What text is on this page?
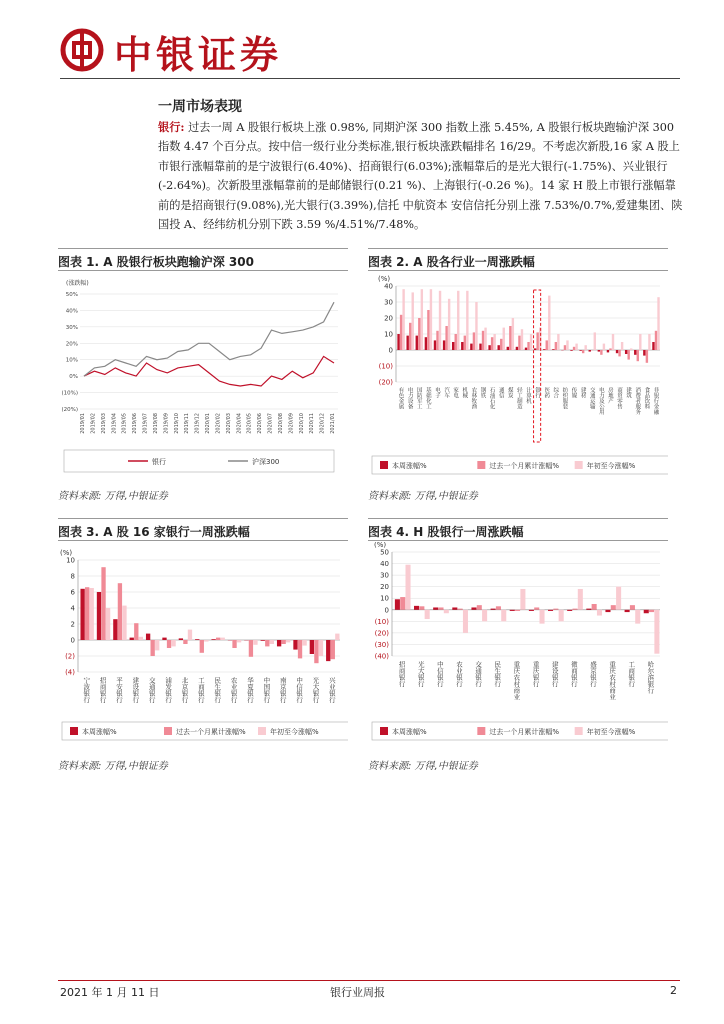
中银证券
一周市场表现
银行: 过去一周 A 股银行板块上涨 0.98%, 同期沪深 300 指数上涨 5.45%, A 股银行板块跑输沪深 300 指数 4.47 个百分点。按中信一级行业分类标准,银行板块涨跌幅排名 16/29。不考虑次新股,16 家 A 股上市银行涨幅靠前的是宁波银行(6.40%)、招商银行(6.03%);涨幅靠后的是光大银行(-1.75%)、兴业银行(-2.64%)。次新股里涨幅靠前的是邮储银行(0.21 %)、上海银行(-0.26 %)。14 家 H 股上市银行涨幅靠前的是招商银行(9.08%),光大银行(3.39%),信托 中航资本 安信信托分别上涨 7.53%/0.7%,爱建集团、陕国投 A、经纬纺机分别下跌 3.59 %/4.51%/7.48%。
图表 1. A 股银行板块跑输沪深 300
(涨跌幅)
50%
40%
30%
20%
10%
0%
(10%)
(20%)
2019/01 2019/02 2019/03 2019/04 2019/05 2019/06 2019/07 2019/08 2019/09 2019/10 2019/11 2019/12 2020/01 2020/02 2020/03 2020/04 2020/05 2020/06 2020/07 2020/08 2020/09 2020/10 2020/11 2020/12 2021/01
银行	沪深300
资料来源: 万得,中银证券
图表 2. A 股各行业一周涨跌幅
(%)
40
30
20
10
0
(10)
(20)
有色金属 电力设备 国防军工 基础化工 电子 汽车 家电 机械 农林牧渔 钢铁 石油石化 通信 煤炭 轻工制造 计算机 银行 医药 综合 纺织服装 传媒 建材 交通运输 电力及公用 房地产 商贸零售 建筑 消费者服务 食品饮料 非银行金融
本周涨幅%	过去一个月累计涨幅%	年初至今涨幅%
资料来源: 万得,中银证券
图表 3. A 股 16 家银行一周涨跌幅
(%)
10
8
6
4
2
0
(2)
(4)
宁波银行 招商银行 平安银行 建设银行 交通银行 浦发银行 北京银行 工商银行 民生银行 农业银行 华夏银行 中国银行 南京银行 中信银行 光大银行 兴业银行
本周涨幅%	过去一个月累计涨幅%	年初至今涨幅%
资料来源: 万得,中银证券
图表 4. H 股银行一周涨跌幅
(%)
50
40
30
20
10
0
(10)
(20)
(30)
(40)
招商银行 光大银行 中信银行 农业银行 交通银行 民生银行 重庆农村商业 重庆银行 建设银行 微商银行 盛京银行 重庆农村商业 工商银行 哈尔滨银行
本周涨幅%	过去一个月累计涨幅%	年初至今涨幅%
资料来源: 万得,中银证券
2021 年 1 月 11 日	银行业周报	2
